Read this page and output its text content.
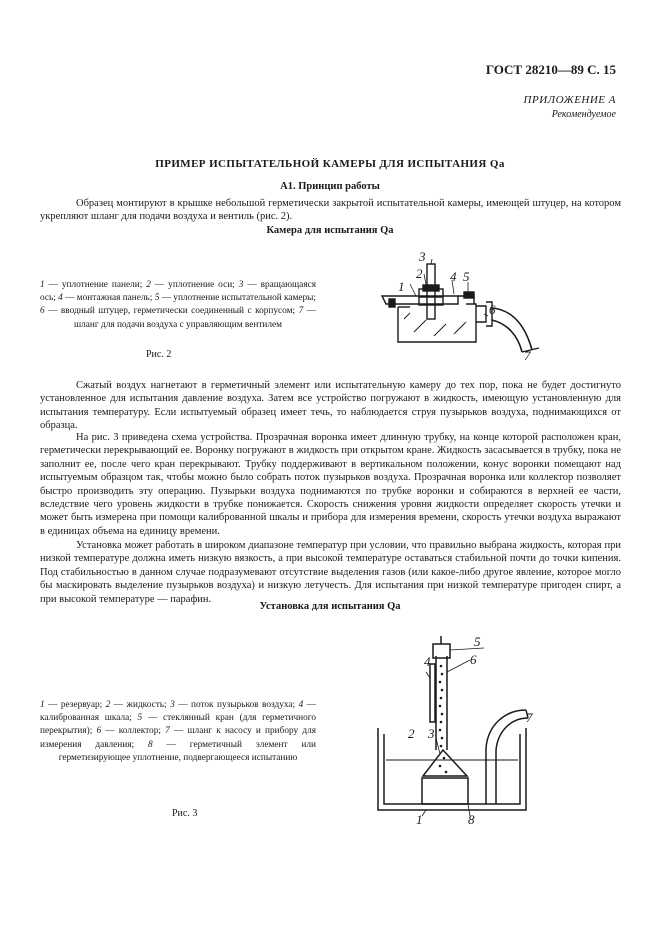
ГОСТ 28210—89 С. 15
ПРИЛОЖЕНИЕ А
Рекомендуемое
ПРИМЕР ИСПЫТАТЕЛЬНОЙ КАМЕРЫ ДЛЯ ИСПЫТАНИЯ Qa
А1. Принцип работы
Образец монтируют в крышке небольшой герметически закрытой испытательной камеры, имеющей штуцер, на котором укрепляют шланг для подачи воздуха и вентиль (рис. 2).
Камера для испытания Qa
1 — уплотнение панели; 2 — уплотнение оси; 3 — вращающаяся ось; 4 — монтажная панель; 5 — уплотнение испытательной камеры; 6 — вводный штуцер, герметически соединенный с корпусом; 7 — шланг для подачи воздуха с управляющим вентилем
Рис. 2
1
2
3
4 5
6
7
Сжатый воздух нагнетают в герметичный элемент или испытательную камеру до тех пор, пока не будет достигнуто установленное для испытания давление воздуха. Затем все устройство погружают в жидкость, имеющую установленную для испытания температуру. Если испытуемый образец имеет течь, то наблюдается струя пузырьков воздуха, поднимающихся от образца.
На рис. 3 приведена схема устройства. Прозрачная воронка имеет длинную трубку, на конце которой расположен кран, герметически перекрывающий ее. Воронку погружают в жидкость при открытом кране. Жидкость засасывается в трубку, пока не заполнит ее, после чего кран перекрывают. Трубку поддерживают в вертикальном положении, конус воронки помещают над испытуемым образцом так, чтобы можно было собрать поток пузырьков воздуха. Прозрачная воронка или коллектор позволяет быстро производить эту операцию. Пузырьки воздуха поднимаются по трубке воронки и собираются в верхней ее части, вследствие чего уровень жидкости в трубке понижается. Скорость снижения уровня жидкости определяет скорость утечки и может быть измерена при помощи калиброванной шкалы и прибора для измерения времени, скорость утечки воздуха выражают в единицах объема на единицу времени.
Установка может работать в широком диапазоне температур при условии, что правильно выбрана жидкость, которая при низкой температуре должна иметь низкую вязкость, а при высокой температуре оставаться стабильной почти до точки кипения. Под стабильностью в данном случае подразумевают отсутствие выделения газов (или какое-либо другое явление, которое могло бы маскировать выделение пузырьков воздуха) и низкую летучесть. Для испытания при низкой температуре пригоден спирт, а при высокой температуре — парафин.
Установка для испытания Qa
1 — резервуар; 2 — жидкость; 3 — поток пузырьков воздуха; 4 — калиброванная шкала; 5 — стеклянный кран (для герметичного перекрытия); 6 — коллектор; 7 — шланг к насосу и прибору для измерения давления; 8 — герметичный элемент или герметизирующее уплотнение, подвергающееся испытанию
Рис. 3
5
4	6
7
2 3
1	8
